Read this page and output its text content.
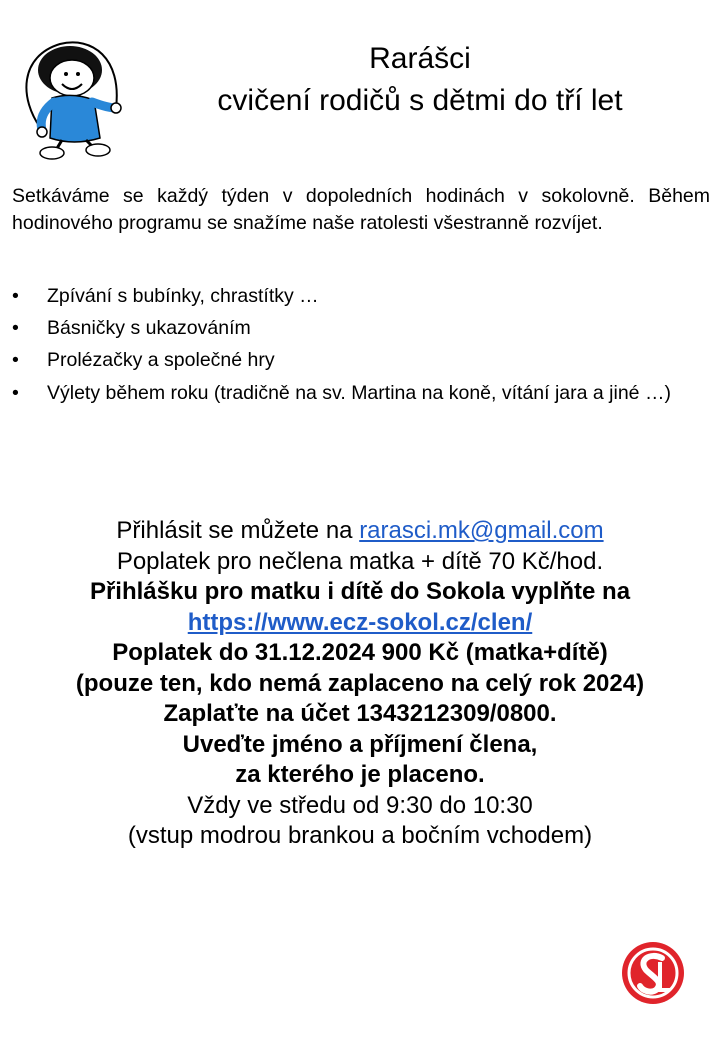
Rarášci
cvičení rodičů s dětmi do tří let

Setkáváme se každý týden v dopoledních hodinách v sokolovně. Během hodinového programu se snažíme naše ratolesti všestranně rozvíjet.

• Zpívání s bubínky, chrastítky …
• Básničky s ukazováním
• Prolézačky a společné hry
• Výlety během roku (tradičně na sv. Martina na koně, vítání jara a jiné …)
Přihlásit se můžete na rarasci.mk@gmail.com
Poplatek pro nečlena matka + dítě 70 Kč/hod.
Přihlášku pro matku i dítě do Sokola vyplňte na
https://www.ecz-sokol.cz/clen/
Poplatek do 31.12.2024 900 Kč (matka+dítě)
(pouze ten, kdo nemá zaplaceno na celý rok 2024)
Zaplaťte na účet 1343212309/0800.
Uveďte jméno a příjmení člena,
za kterého je placeno.
Vždy ve středu od 9:30 do 10:30
(vstup modrou brankou a bočním vchodem)
